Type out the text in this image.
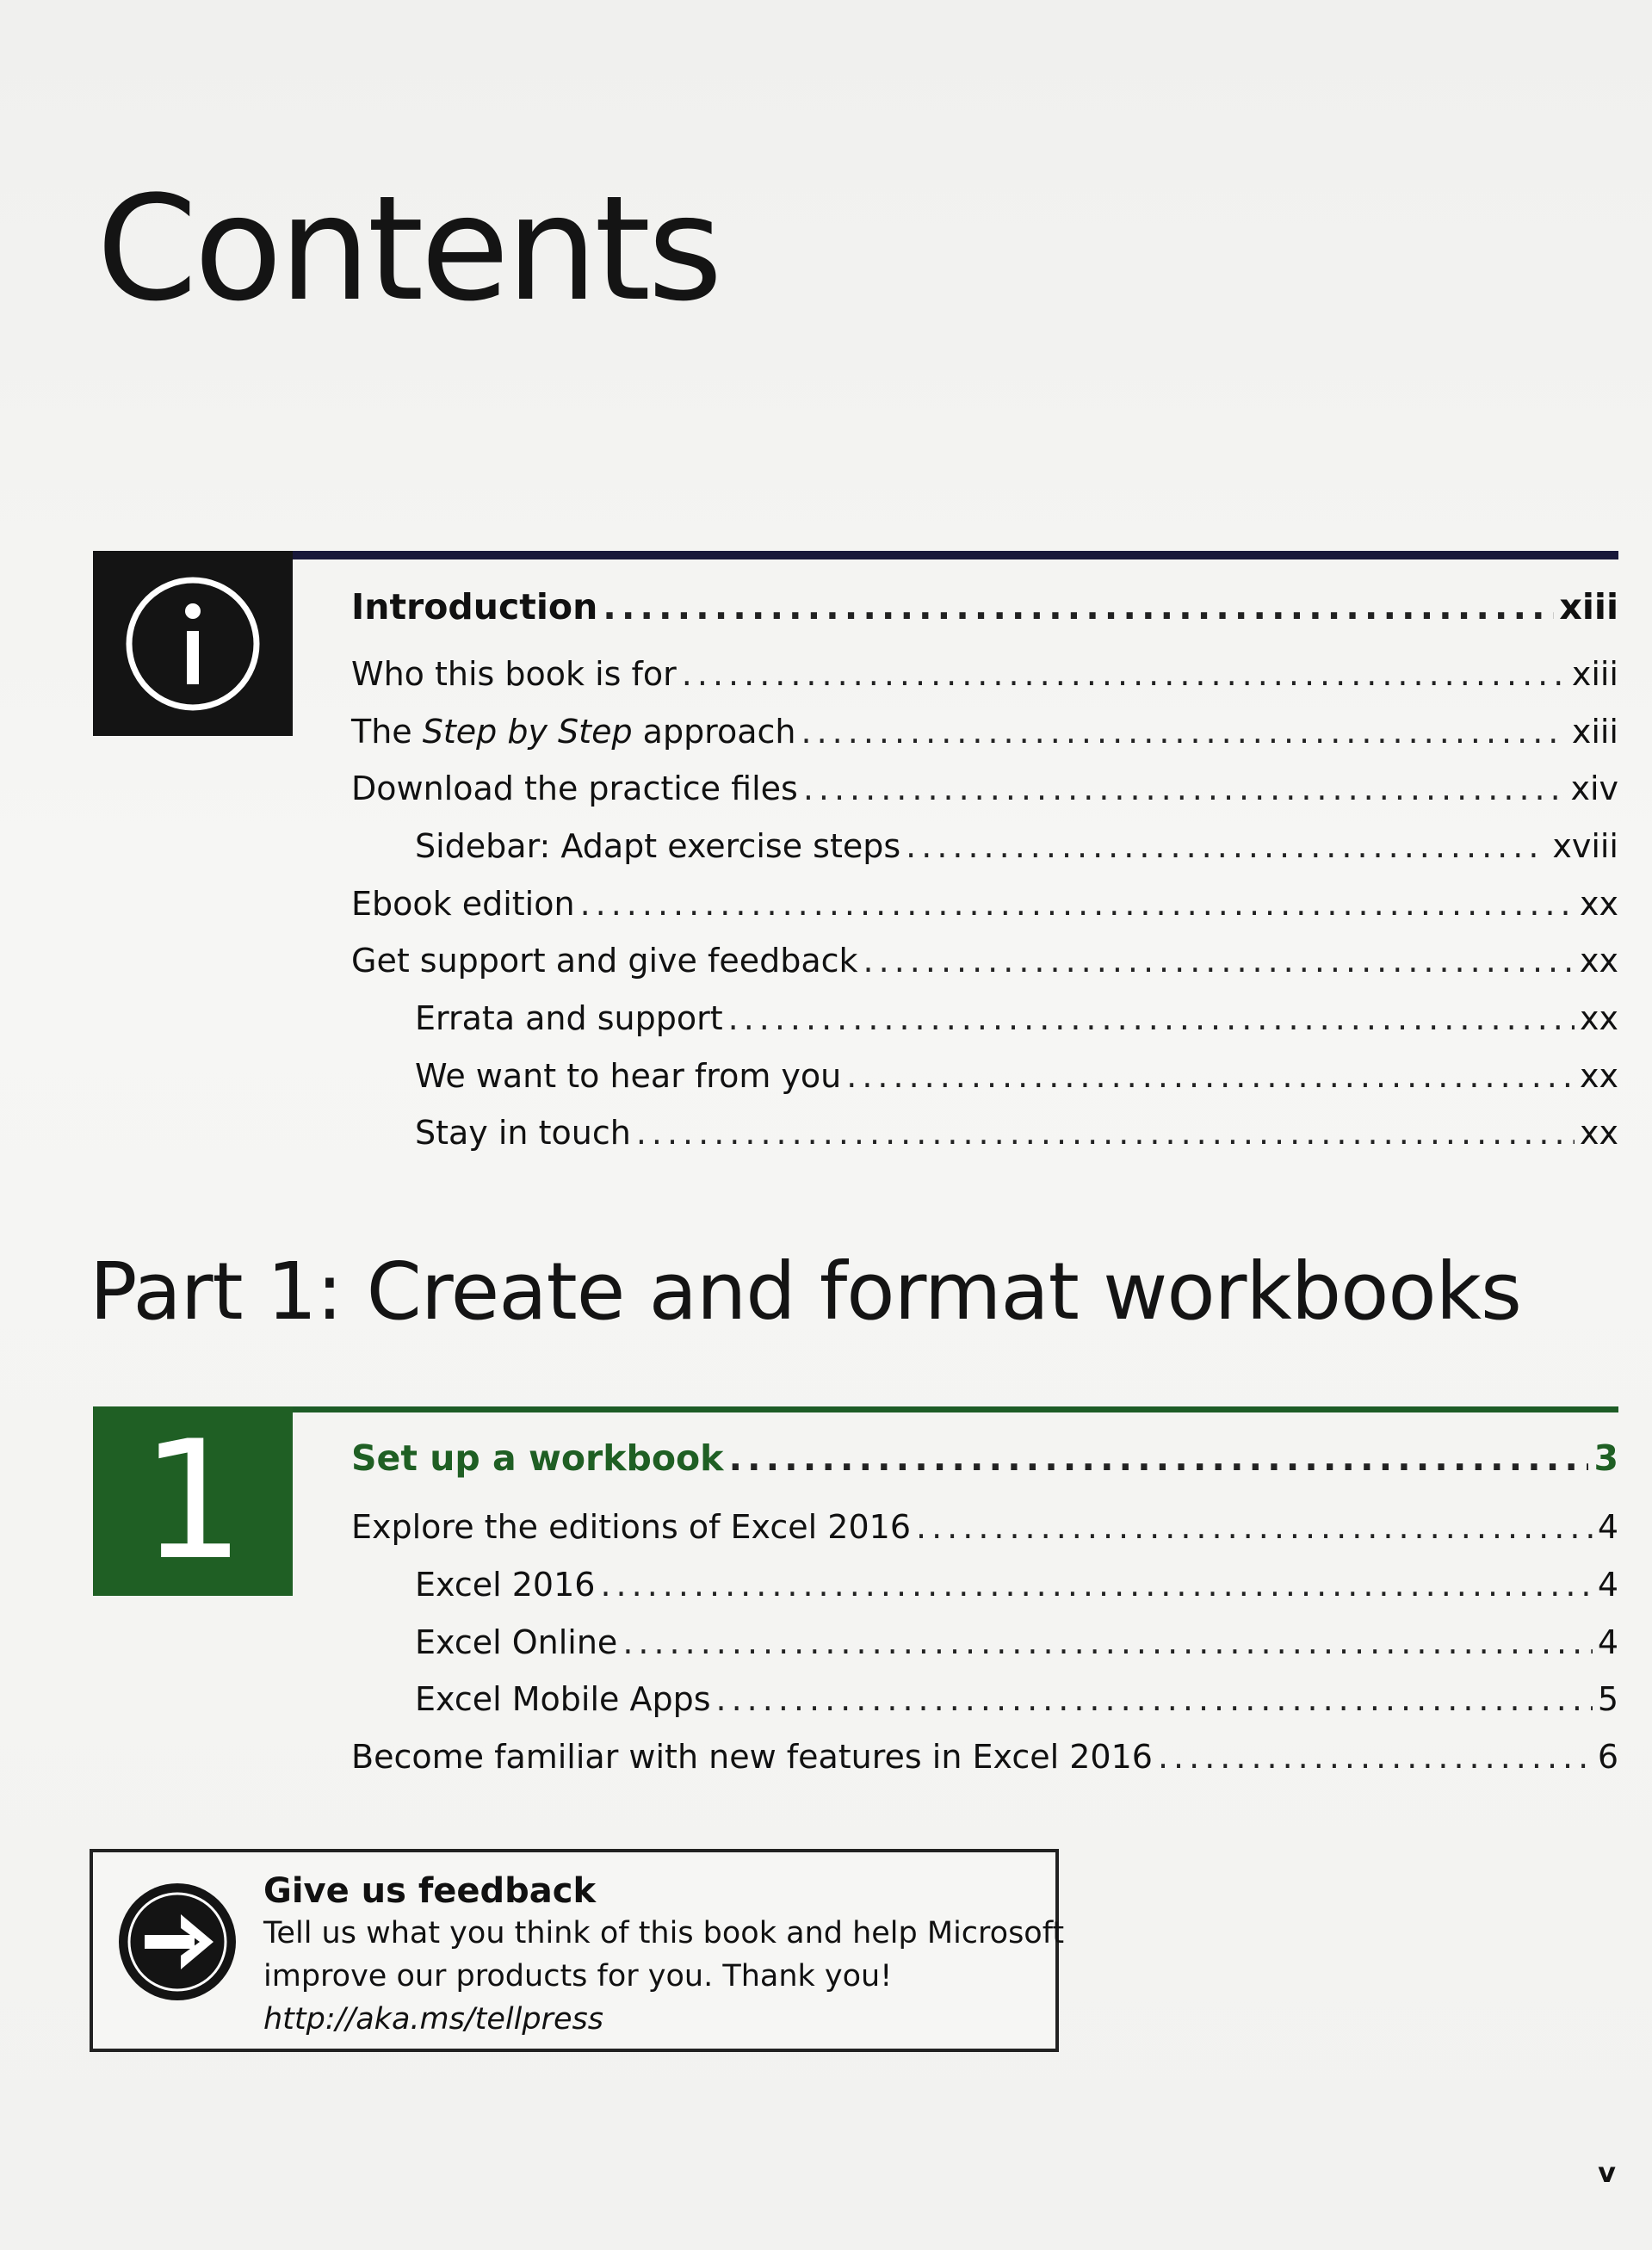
Contents
Introduction .....	xiii
Who this book is for .....	xiii
The Step by Step approach .....	xiii
Download the practice files .....	xiv
Sidebar: Adapt exercise steps .....	xviii
Ebook edition .....	xx
Get support and give feedback .....	xx
Errata and support .....	xx
We want to hear from you .....	xx
Stay in touch .....	xx
Part 1: Create and format workbooks
1	Set up a workbook .....	3
Explore the editions of Excel 2016 .....	4
Excel 2016 .....	4
Excel Online .....	4
Excel Mobile Apps .....	5
Become familiar with new features in Excel 2016 .....	6
Give us feedback
Tell us what you think of this book and help Microsoft
improve our products for you. Thank you!
http://aka.ms/tellpress
v
